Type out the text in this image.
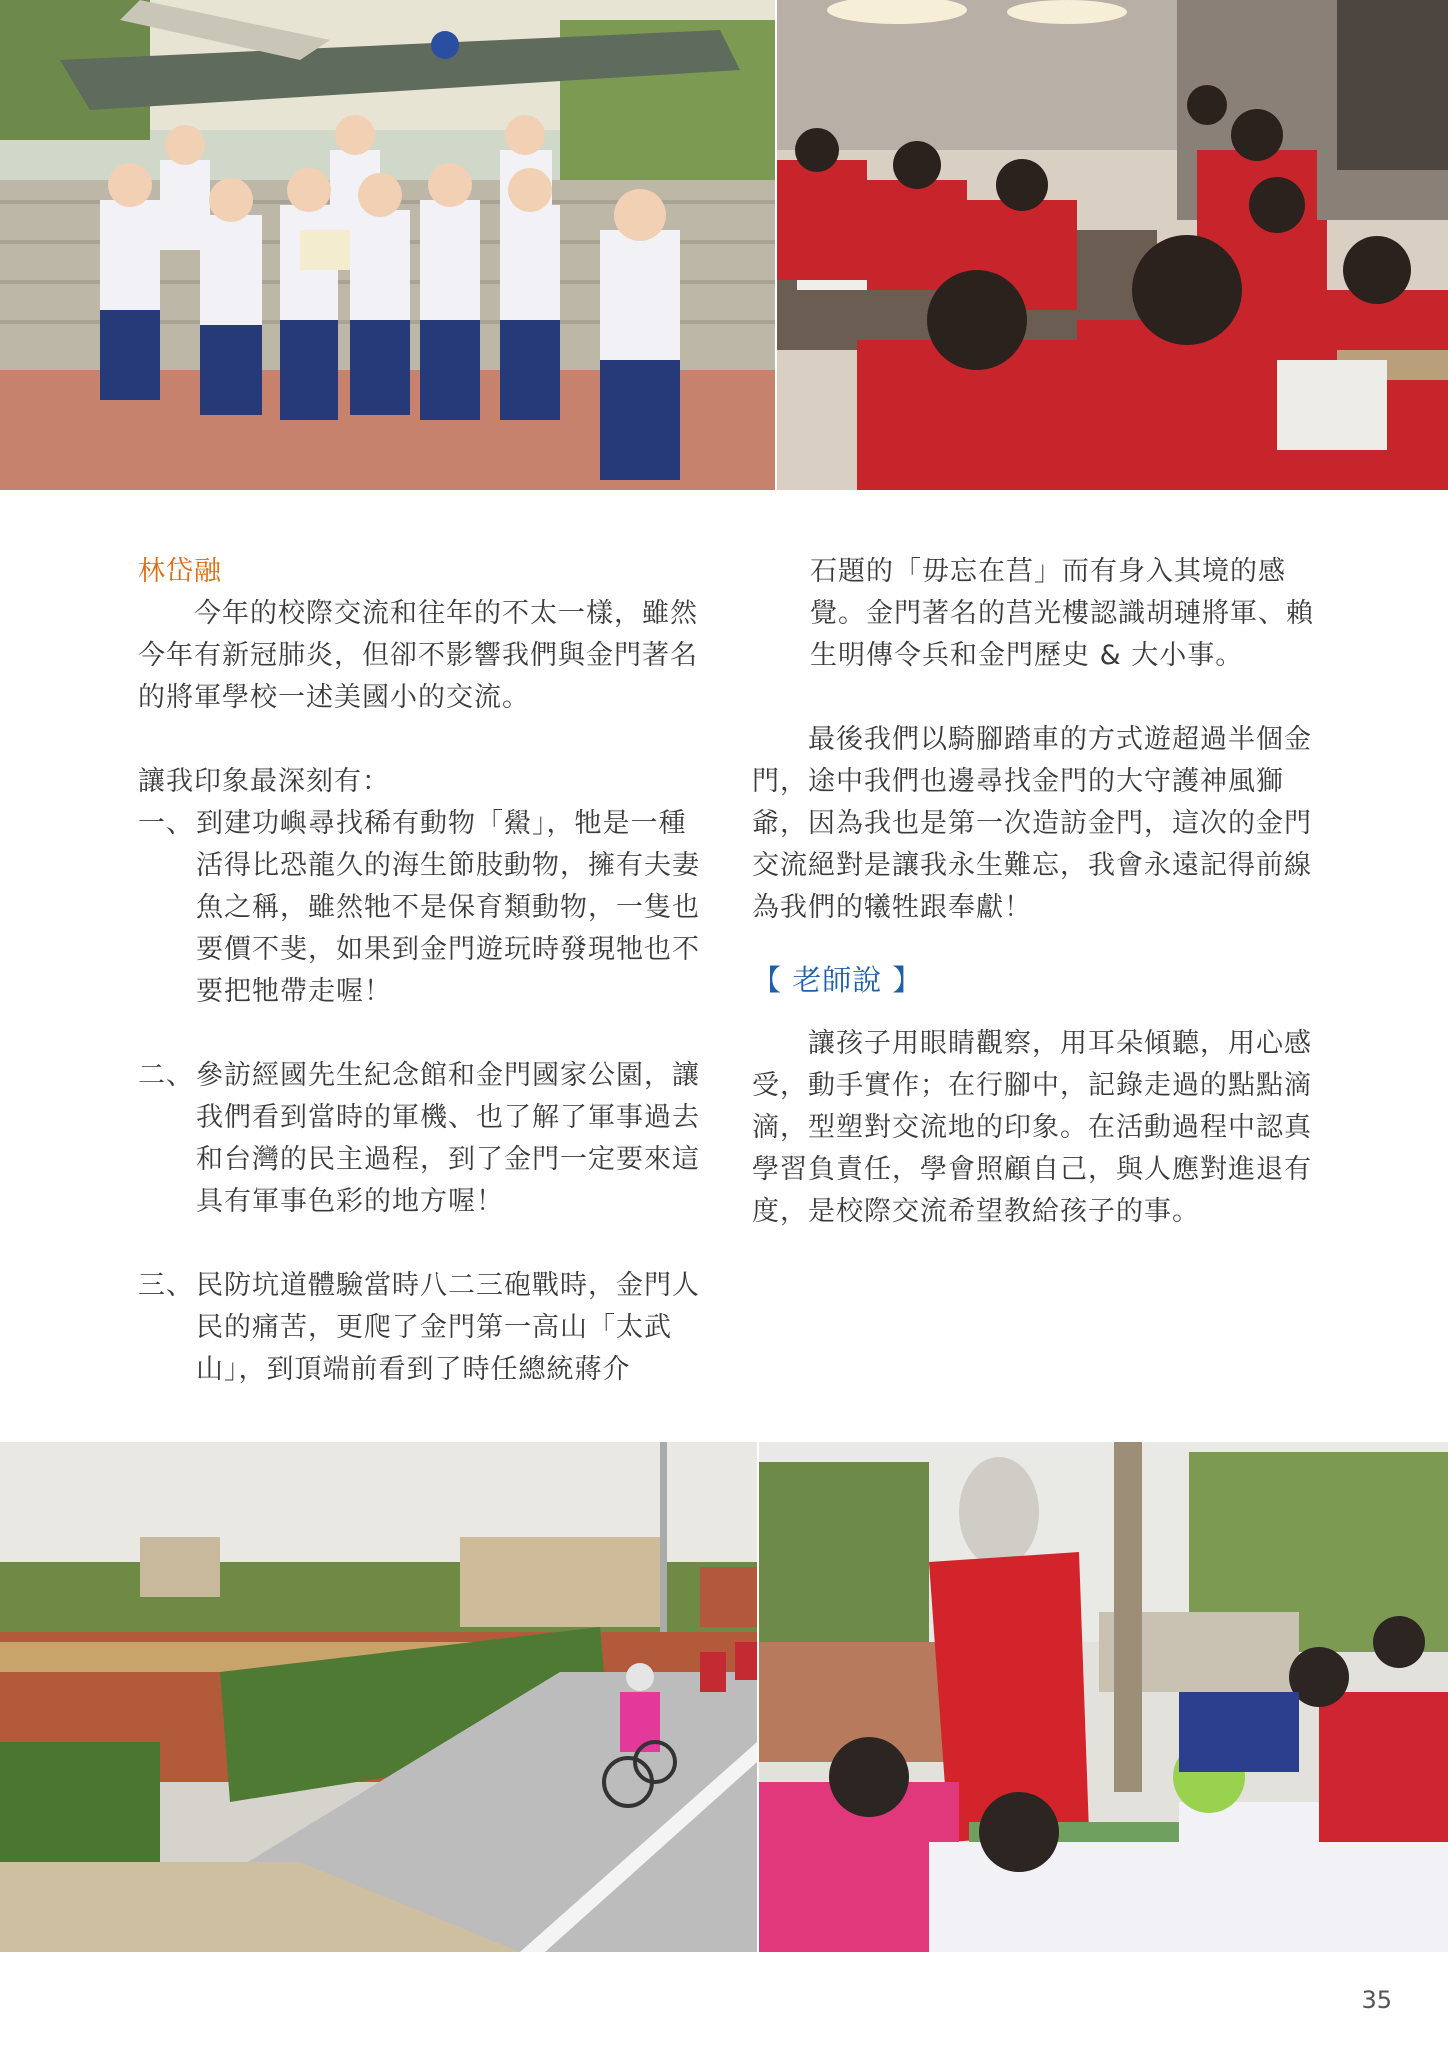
林岱融

今年的校際交流和往年的不太一樣，雖然今年有新冠肺炎，但卻不影響我們與金門著名的將軍學校一述美國小的交流。

讓我印象最深刻有：

一、 到建功嶼尋找稀有動物「鱟」，牠是一種活得比恐龍久的海生節肢動物，擁有夫妻魚之稱，雖然牠不是保育類動物，一隻也要價不斐，如果到金門遊玩時發現牠也不要把牠帶走喔！
二、 參訪經國先生紀念館和金門國家公園，讓我們看到當時的軍機、也了解了軍事過去和台灣的民主過程，到了金門一定要來這具有軍事色彩的地方喔！
三、 民防坑道體驗當時八二三砲戰時，金門人民的痛苦，更爬了金門第一高山「太武山」，到頂端前看到了時任總統蔣介

石題的「毋忘在莒」而有身入其境的感覺。金門著名的莒光樓認識胡璉將軍、賴生明傳令兵和金門歷史 & 大小事。

最後我們以騎腳踏車的方式遊超過半個金門，途中我們也邊尋找金門的大守護神風獅爺，因為我也是第一次造訪金門，這次的金門交流絕對是讓我永生難忘，我會永遠記得前線為我們的犧牲跟奉獻！

【 老師說 】

讓孩子用眼睛觀察，用耳朵傾聽，用心感受，動手實作；在行腳中，記錄走過的點點滴滴，型塑對交流地的印象。在活動過程中認真學習負責任，學會照顧自己，與人應對進退有度，是校際交流希望教給孩子的事。

35
